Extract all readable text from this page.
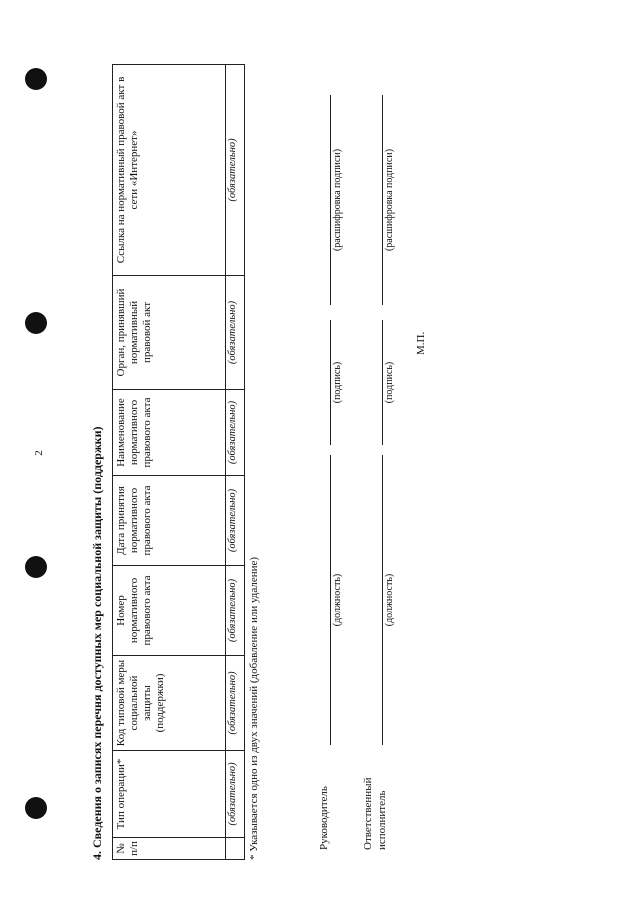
2	4. Сведения о записях перечня доступных мер социальной защиты (поддержки) № п/п	Тип операции*	Код типовой меры социальной защиты (поддержки)	Номер нормативного правового акта	Дата принятия нормативного правового акта	Наименование нормативного правового акта	Орган, принявший нормативный правовой акт	Ссылка на нормативный правовой акт в сети «Интернет»
	(обязательно)	(обязательно)	(обязательно)	(обязательно)	(обязательно)	(обязательно)	(обязательно)
* Указывается одно из двух значений (добавление или удаление)	Руководитель
(должность)
(подпись)
(расшифровка подписи)
Ответственный исполнитель
(должность)
(подпись)
(расшифровка подписи)
М.П.
